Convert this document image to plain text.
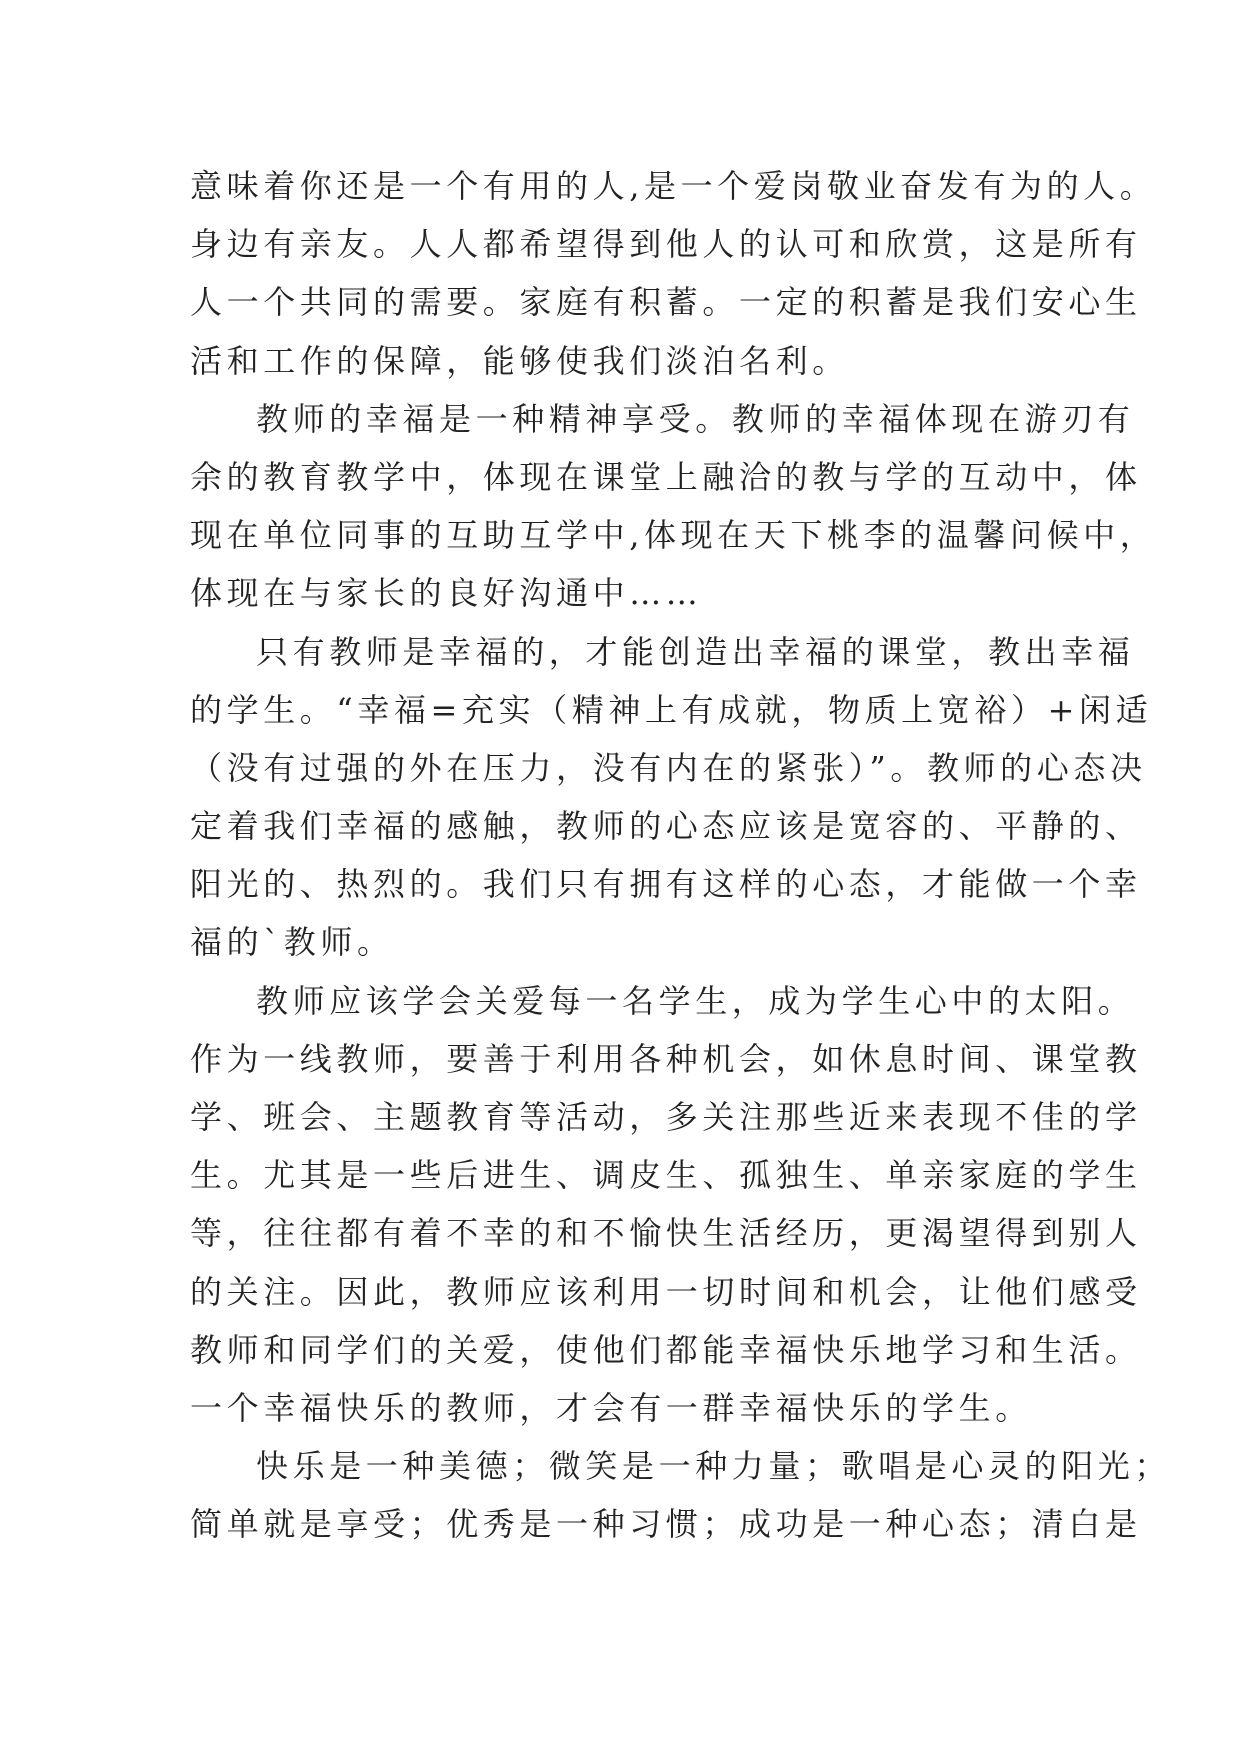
意味着你还是一个有用的人,是一个爱岗敬业奋发有为的人。
身边有亲友。人人都希望得到他人的认可和欣赏，这是所有
人一个共同的需要。家庭有积蓄。一定的积蓄是我们安心生
活和工作的保障，能够使我们淡泊名利。
教师的幸福是一种精神享受。教师的幸福体现在游刃有
余的教育教学中，体现在课堂上融洽的教与学的互动中，体
现在单位同事的互助互学中,体现在天下桃李的温馨问候中，
体现在与家长的良好沟通中……
只有教师是幸福的，才能创造出幸福的课堂，教出幸福
的学生。“幸福=充实（精神上有成就，物质上宽裕）+闲适
（没有过强的外在压力，没有内在的紧张）”。教师的心态决
定着我们幸福的感触，教师的心态应该是宽容的、平静的、
阳光的、热烈的。我们只有拥有这样的心态，才能做一个幸
福的`教师。
教师应该学会关爱每一名学生，成为学生心中的太阳。
作为一线教师，要善于利用各种机会，如休息时间、课堂教
学、班会、主题教育等活动，多关注那些近来表现不佳的学
生。尤其是一些后进生、调皮生、孤独生、单亲家庭的学生
等，往往都有着不幸的和不愉快生活经历，更渴望得到别人
的关注。因此，教师应该利用一切时间和机会，让他们感受
教师和同学们的关爱，使他们都能幸福快乐地学习和生活。
一个幸福快乐的教师，才会有一群幸福快乐的学生。
快乐是一种美德；微笑是一种力量；歌唱是心灵的阳光；
简单就是享受；优秀是一种习惯；成功是一种心态；清白是
